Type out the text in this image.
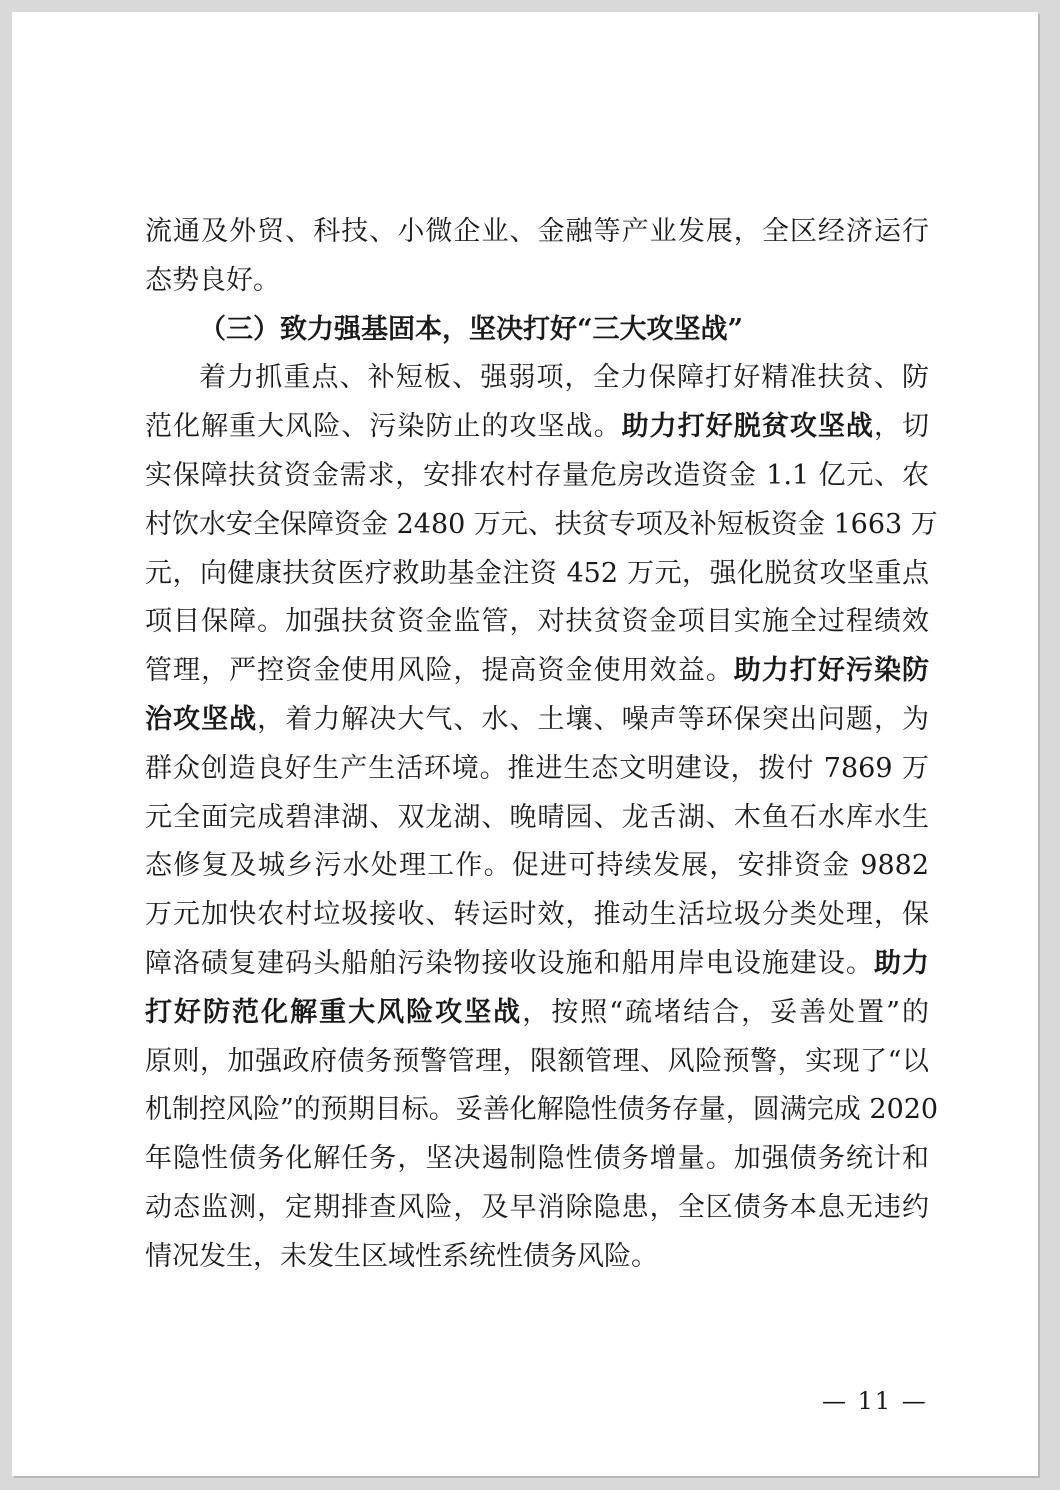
流通及外贸、科技、小微企业、金融等产业发展，全区经济运行
态势良好。
（三）致力强基固本，坚决打好“三大攻坚战”
着力抓重点、补短板、强弱项，全力保障打好精准扶贫、防
范化解重大风险、污染防止的攻坚战。助力打好脱贫攻坚战，切
实保障扶贫资金需求，安排农村存量危房改造资金 1.1 亿元、农
村饮水安全保障资金 2480 万元、扶贫专项及补短板资金 1663 万
元，向健康扶贫医疗救助基金注资 452 万元，强化脱贫攻坚重点
项目保障。加强扶贫资金监管，对扶贫资金项目实施全过程绩效
管理，严控资金使用风险，提高资金使用效益。助力打好污染防
治攻坚战，着力解决大气、水、土壤、噪声等环保突出问题，为
群众创造良好生产生活环境。推进生态文明建设，拨付 7869 万
元全面完成碧津湖、双龙湖、晚晴园、龙舌湖、木鱼石水库水生
态修复及城乡污水处理工作。促进可持续发展，安排资金 9882
万元加快农村垃圾接收、转运时效，推动生活垃圾分类处理，保
障洛碛复建码头船舶污染物接收设施和船用岸电设施建设。助力
打好防范化解重大风险攻坚战，按照“疏堵结合，妥善处置”的
原则，加强政府债务预警管理，限额管理、风险预警，实现了“以
机制控风险”的预期目标。妥善化解隐性债务存量，圆满完成 2020
年隐性债务化解任务，坚决遏制隐性债务增量。加强债务统计和
动态监测，定期排查风险，及早消除隐患，全区债务本息无违约
情况发生，未发生区域性系统性债务风险。
— 11 —
